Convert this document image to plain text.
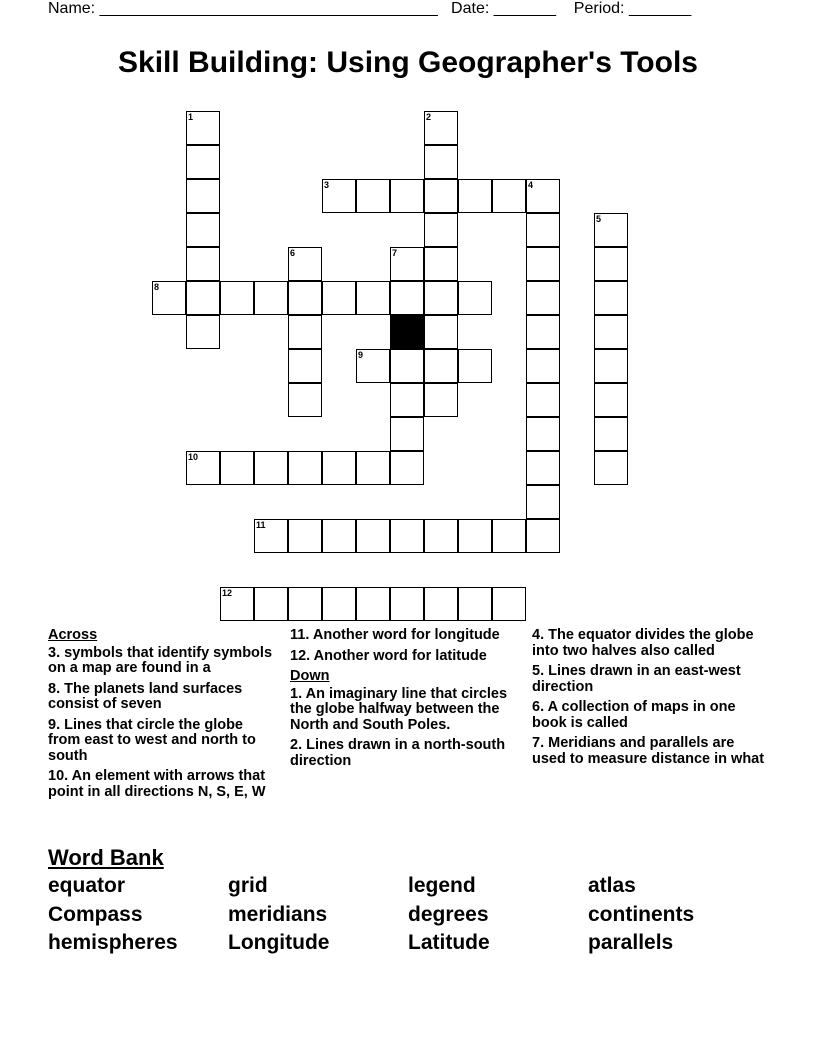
Name: ______________________________________   Date: _______    Period: _______
Skill Building: Using Geographer's Tools
1	2
3	4
5
6	7
8
9
10
11
12
Across
3. symbols that identify symbols on a map are found in a
8. The planets land surfaces consist of seven
9. Lines that circle the globe from east to west and north to south
10. An element with arrows that point in all directions N, S, E, W
11. Another word for longitude
12. Another word for latitude
Down
1. An imaginary line that circles the globe halfway between the North and South Poles.
2. Lines drawn in a north-south direction
4. The equator divides the globe into two halves also called
5. Lines drawn in an east-west direction
6. A collection of maps in one book is called
7. Meridians and parallels are used to measure distance in what
Word Bank
equator	grid	legend	atlas
Compass	meridians	degrees	continents
hemispheres Longitude	Latitude	parallels
